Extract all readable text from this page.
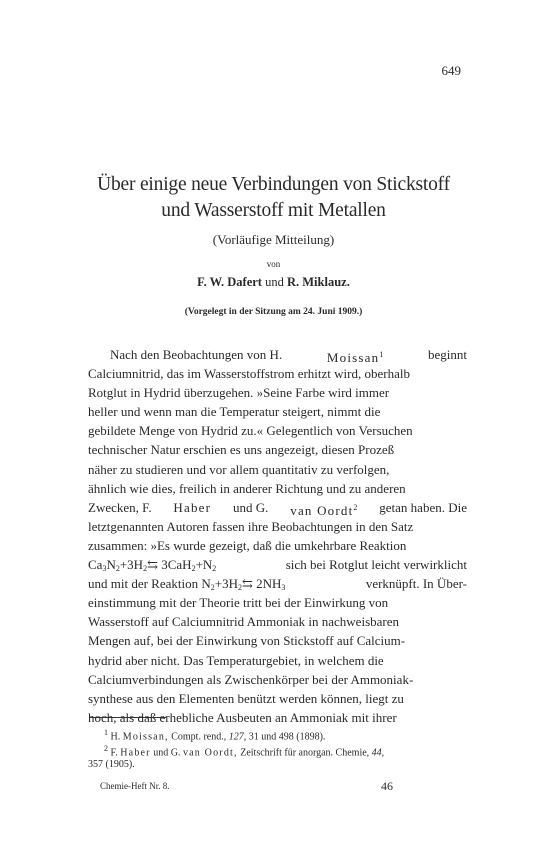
649
Über einige neue Verbindungen von Stickstoff
und Wasserstoff mit Metallen
(Vorläufige Mitteilung)
von
F. W. Dafert und R. Miklauz.
(Vorgelegt in der Sitzung am 24. Juni 1909.)
Nach den Beobachtungen von H.	Moissan$^1$	beginnt
Calciumnitrid, das im Wasserstoffstrom erhitzt wird, oberhalb
Rotglut in Hydrid überzugehen. »Seine Farbe wird immer
heller und wenn man die Temperatur steigert, nimmt die
gebildete Menge von Hydrid zu.« Gelegentlich von Versuchen
technischer Natur erschien es uns angezeigt, diesen Prozeß
näher zu studieren und vor allem quantitativ zu verfolgen,
ähnlich wie dies, freilich in anderer Richtung und zu anderen
Zwecken, F. Haber und G. van Oordt$^2$ getan haben. Die
letztgenannten Autoren fassen ihre Beobachtungen in den Satz
zusammen: »Es wurde gezeigt, daß die umkehrbare Reaktion
$Ca_3N_2+3H_2⇆$ $3CaH_2+N_2$	sich bei Rotglut leicht verwirklicht
und mit der Reaktion $N_2+3H_2⇆$ $2NH_3$	verknüpft. In Über-
einstimmung mit der Theorie tritt bei der Einwirkung von
Wasserstoff auf Calciumnitrid Ammoniak in nachweisbaren
Mengen auf, bei der Einwirkung von Stickstoff auf Calcium-
hydrid aber nicht. Das Temperaturgebiet, in welchem die
Calciumverbindungen als Zwischenkörper bei der Ammoniak-
synthese aus den Elementen benützt werden können, liegt zu
hoch, als daß erhebliche Ausbeuten an Ammoniak mit ihrer
$^1$ H. Moissan, Compt. rend., 127, 31 und 498 (1898).
$^2$ F. Haber und G. van Oordt, Zeitschrift für anorgan. Chemie, 44,
357 (1905).
Chemie-Heft Nr. 8.	46
